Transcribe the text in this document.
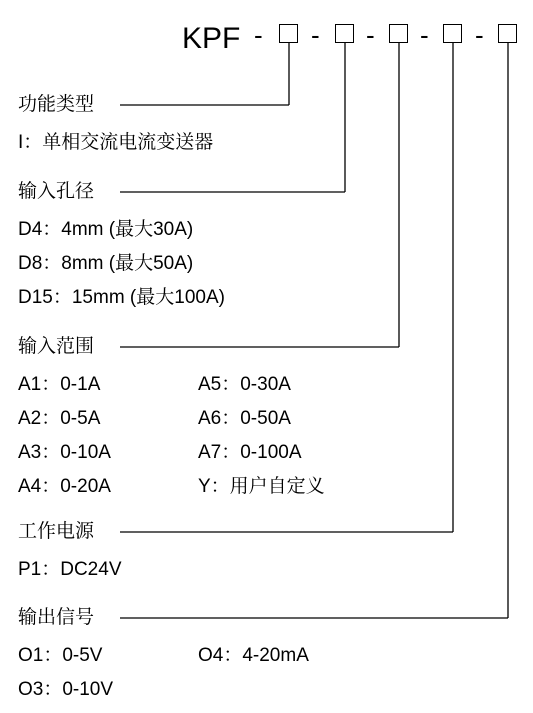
KPF - - - - -
功能类型
I：单相交流电流变送器
输入孔径
D4：4mm (最大30A)
D8：8mm (最大50A)
D15：15mm (最大100A)
输入范围
A1：0-1A	A5：0-30A
A2：0-5A	A6：0-50A
A3：0-10A	A7：0-100A
A4：0-20A	Y：用户自定义
工作电源
P1：DC24V
输出信号
O1：0-5V	O4：4-20mA
O3：0-10V
